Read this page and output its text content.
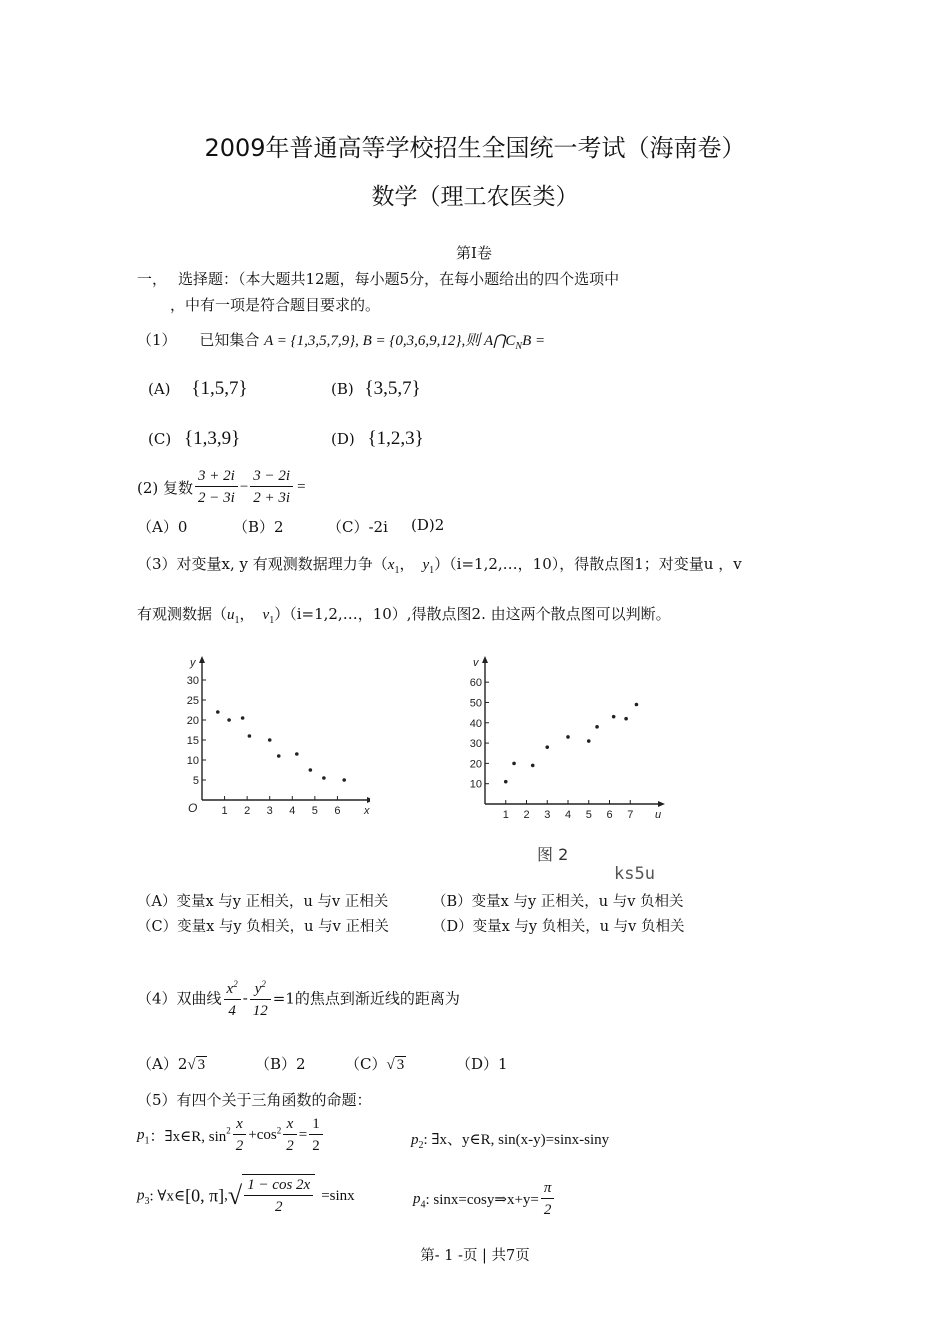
2009年普通高等学校招生全国统一考试（海南卷）
数学（理工农医类）
第I卷
一， 选择题：（本大题共12题，每小题5分，在每小题给出的四个选项中
，中有一项是符合题目要求的。
（1） 已知集合 A = {1,3,5,7,9}, B = {0,3,6,9,12},则 $A⋂C_NB$ =
(A) {1,5,7}	(B) {3,5,7}
(C) {1,3,9}	(D) {1,2,3}
(2) 复数 $\frac{3 + 2i}{2 - 3i} - \frac{3 - 2i}{2 + 3i}$ =
（A）0	（B）2	（C）-2i (D)2
（3）对变量x, y 有观测数据理力争（$x_1$， $y_1)(i=1,2,\dots$，10），得散点图1；对变量u ，v
有观测数据（$u_1$， $v_1)(i=1,2,\dots$，10）,得散点图2. 由这两个散点图可以判断。
5
10
15
20
25
30
1 2 3 4 5 6
y
x
O
10
20
30
40
50
60
1 2 3 4 5 6 7
v
u
图 2
ks5u
（A）变量x 与y 正相关，u 与v 正相关	（B）变量x 与y 正相关，u 与v 负相关
（C）变量x 与y 负相关，u 与v 正相关	（D）变量x 与y 负相关，u 与v 负相关
（4）双曲线 $\frac{x^2}{4} - \frac{y^2}{12} =1$的焦点到渐近线的距离为
（A）2√ 3	（B）2	（C）√ 3	（D）1
（5）有四个关于三角函数的命题：
$p_1$：∃x∈R, $\sin^2 \frac{x}{2} +\cos^2 \frac{x}{2} = \frac{1}{2}$	$p_2$: ∃x、y∈R, sin(x-y)=sinx-siny
$p_3$: ∀x∈[0, $\pi],√ \frac{1 - \cos 2x}{2} =\sin x$	$p_4$: sinx=cosy⇒x+y= $\frac{\pi}{2}$
第- 1 -页 | 共7页
